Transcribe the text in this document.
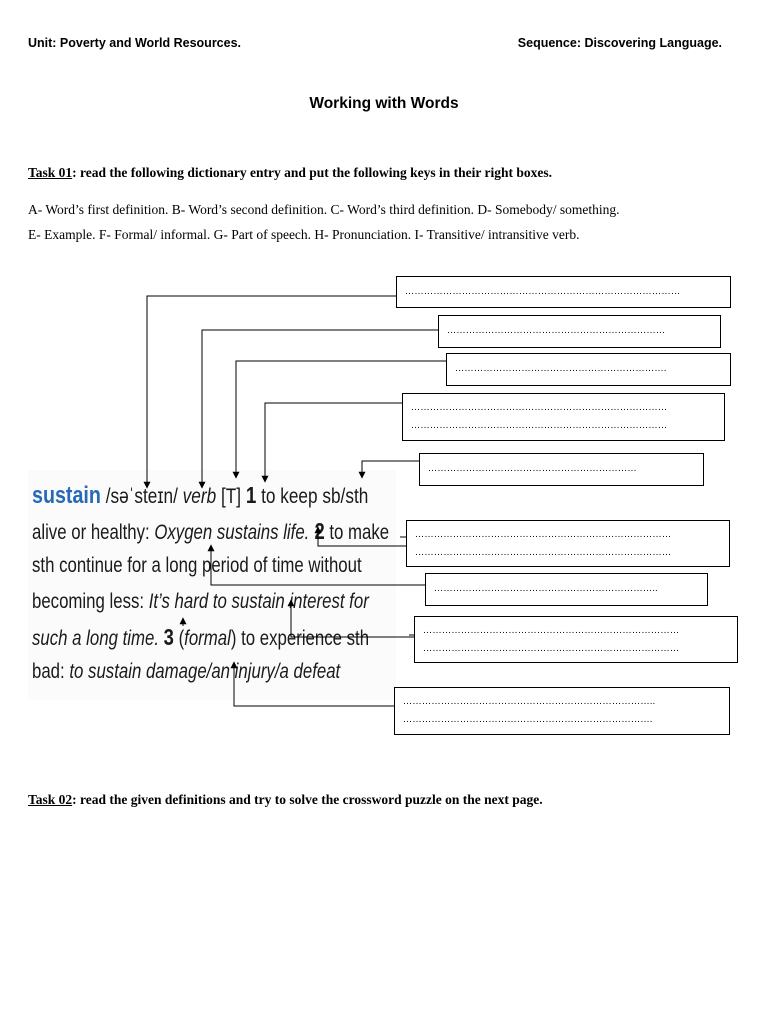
Unit: Poverty and World Resources.	Sequence: Discovering Language.
Working with Words
Task 01: read the following dictionary entry and put the following keys in their right boxes.
A- Word’s first definition. B- Word’s second definition. C- Word’s third definition. D- Somebody/ something.
E- Example. F- Formal/ informal. G- Part of speech. H- Pronunciation. I- Transitive/ intransitive verb.
sustain /səˈsteɪn/ verb [T] 1 to keep sb/sth
alive or healthy: Oxygen sustains life. 2 to make
sth continue for a long period of time without
becoming less: It’s hard to sustain interest for
such a long time. 3 (formal) to experience sth
bad: to sustain damage/an injury/a defeat
……………………………………………………………………………
……………………………………………………………
………………………………………………………….
………………………………………………………………………
………………………………………………………………………
…………………………………………………………
………………………………………………………………………
………………………………………………………………………
……………………………………………………………..
………………………………………………………………………
………………………………………………………………………
……………………………………………………………………..
…………………………………………………………………….
Task 02: read the given definitions and try to solve the crossword puzzle on the next page.
